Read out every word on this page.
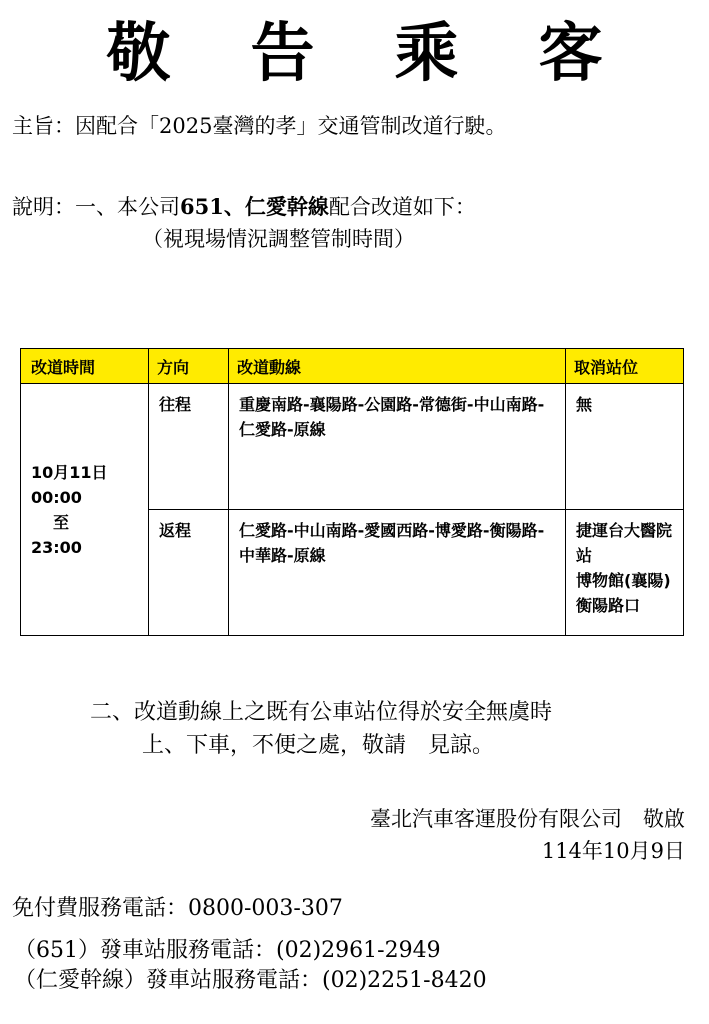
敬告乘客
主旨：因配合「2025臺灣的孝」交通管制改道行駛。
說明：一、本公司651、仁愛幹線配合改道如下：
（視現場情況調整管制時間）
改道時間	方向	改道動線	取消站位

10月11日
00:00
至
23:00	往程	重慶南路-襄陽路-公園路-常德街-中山南路-仁愛路-原線	無

	返程	仁愛路-中山南路-愛國西路-博愛路-衡陽路-中華路-原線	捷運台大醫院站
博物館(襄陽)
衡陽路口
二、改道動線上之既有公車站位得於安全無虞時
上、下車，不便之處，敬請　見諒。
臺北汽車客運股份有限公司　敬啟
114年10月9日
免付費服務電話：0800-003-307
（651）發車站服務電話：(02)2961-2949
（仁愛幹線）發車站服務電話：(02)2251-8420
